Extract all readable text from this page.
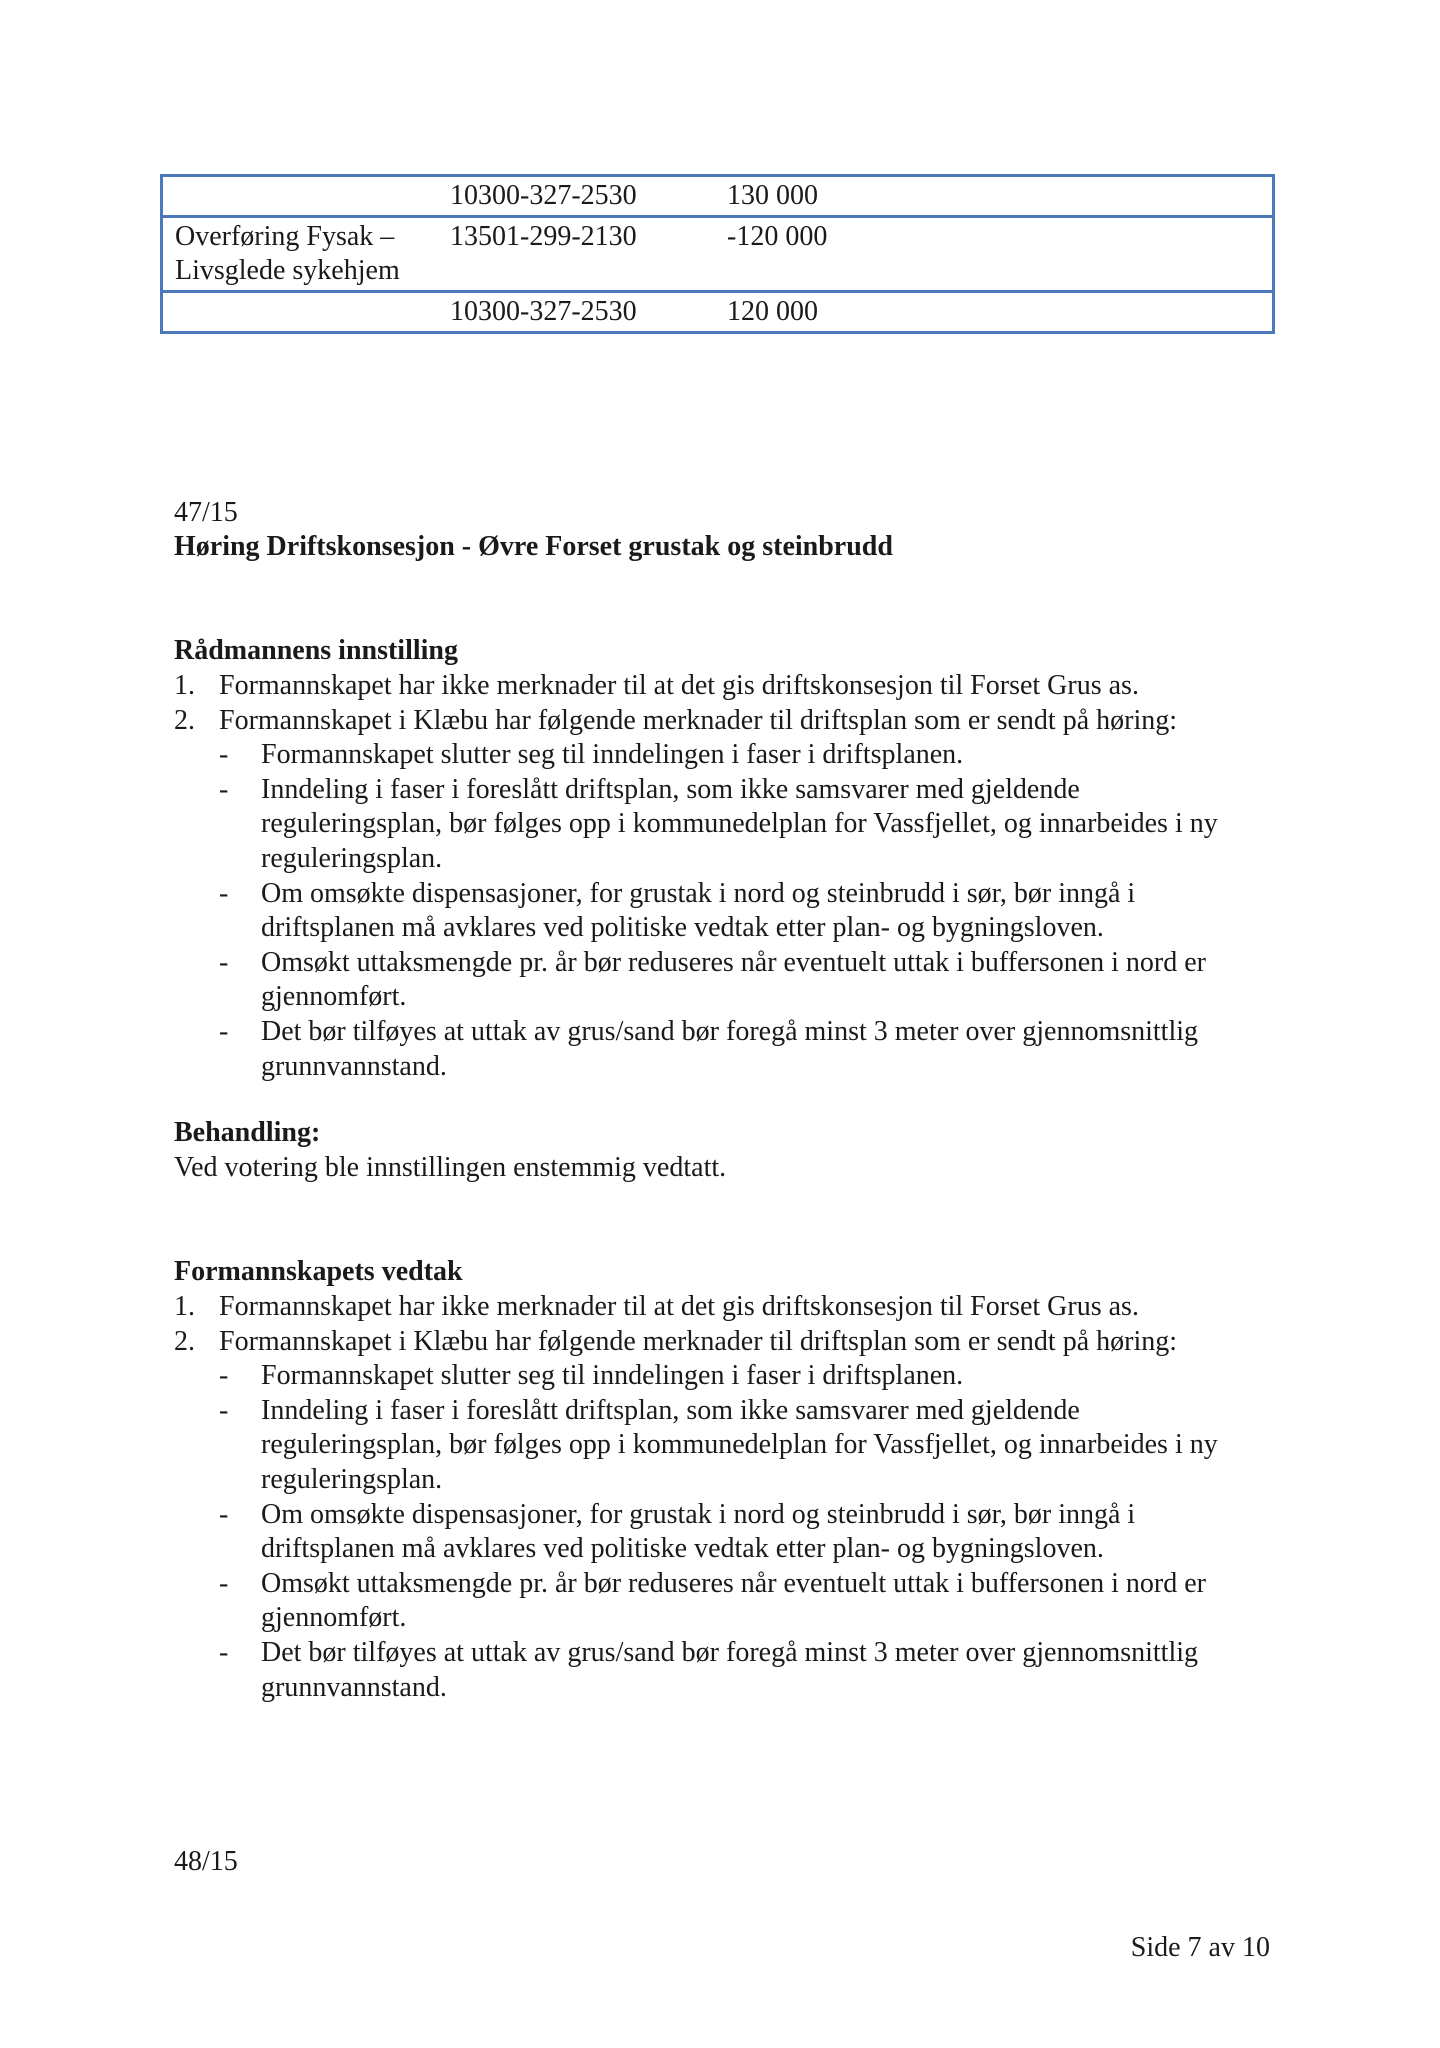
	10300-327-2530	130 000
Overføring Fysak – Livsglede sykehjem	13501-299-2130	-120 000
	10300-327-2530	120 000
47/15
Høring Driftskonsesjon - Øvre Forset grustak og steinbrudd
Rådmannens innstilling
1. Formannskapet har ikke merknader til at det gis driftskonsesjon til Forset Grus as.
2. Formannskapet i Klæbu har følgende merknader til driftsplan som er sendt på høring:
- Formannskapet slutter seg til inndelingen i faser i driftsplanen.
- Inndeling i faser i foreslått driftsplan, som ikke samsvarer med gjeldende reguleringsplan, bør følges opp i kommunedelplan for Vassfjellet, og innarbeides i ny reguleringsplan.
- Om omsøkte dispensasjoner, for grustak i nord og steinbrudd i sør, bør inngå i driftsplanen må avklares ved politiske vedtak etter plan- og bygningsloven.
- Omsøkt uttaksmengde pr. år bør reduseres når eventuelt uttak i buffersonen i nord er gjennomført.
- Det bør tilføyes at uttak av grus/sand bør foregå minst 3 meter over gjennomsnittlig grunnvannstand.
Behandling:
Ved votering ble innstillingen enstemmig vedtatt.
Formannskapets vedtak
1. Formannskapet har ikke merknader til at det gis driftskonsesjon til Forset Grus as.
2. Formannskapet i Klæbu har følgende merknader til driftsplan som er sendt på høring:
- Formannskapet slutter seg til inndelingen i faser i driftsplanen.
- Inndeling i faser i foreslått driftsplan, som ikke samsvarer med gjeldende reguleringsplan, bør følges opp i kommunedelplan for Vassfjellet, og innarbeides i ny reguleringsplan.
- Om omsøkte dispensasjoner, for grustak i nord og steinbrudd i sør, bør inngå i driftsplanen må avklares ved politiske vedtak etter plan- og bygningsloven.
- Omsøkt uttaksmengde pr. år bør reduseres når eventuelt uttak i buffersonen i nord er gjennomført.
- Det bør tilføyes at uttak av grus/sand bør foregå minst 3 meter over gjennomsnittlig grunnvannstand.
48/15
Side 7 av 10
